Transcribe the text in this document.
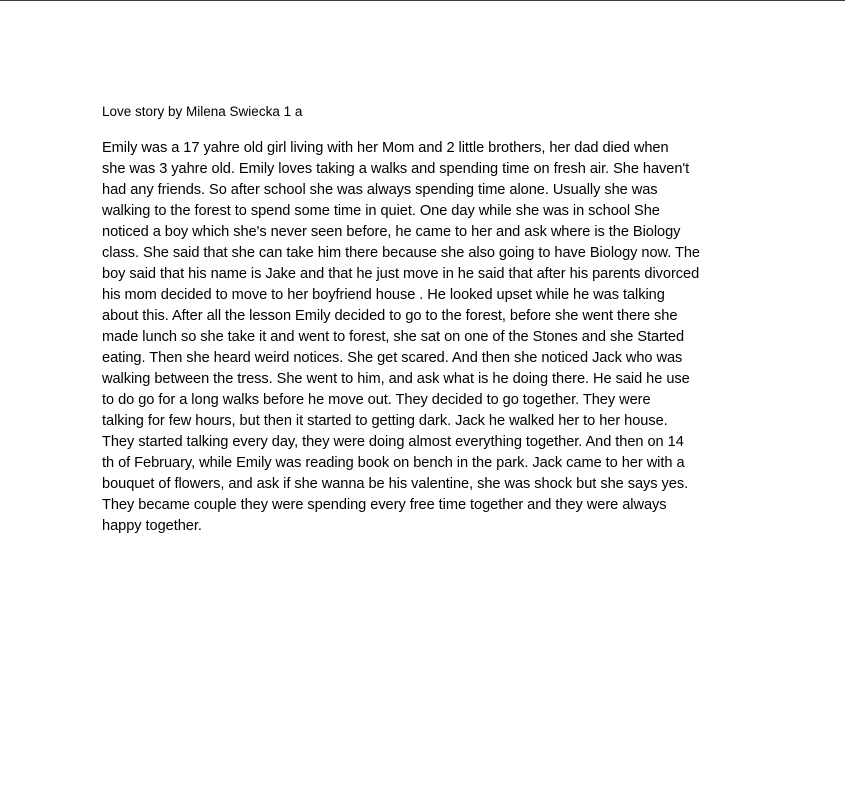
Love story by Milena Swiecka 1 a

Emily was a 17 yahre old girl living with her Mom and 2 little brothers, her dad died when
she was 3 yahre old. Emily loves taking a walks and spending time on fresh air. She haven't
had any friends. So after school she was always spending time alone. Usually she was
walking to the forest to spend some time in quiet. One day while she was in school She
noticed a boy which she's never seen before, he came to her and ask where is the Biology
class. She said that she can take him there because she also going to have Biology now. The
boy said that his name is Jake and that he just move in he said that after his parents divorced
his mom decided to move to her boyfriend house . He looked upset while he was talking
about this. After all the lesson Emily decided to go to the forest, before she went there she
made lunch so she take it and went to forest, she sat on one of the Stones and she Started
eating. Then she heard weird notices. She get scared. And then she noticed Jack who was
walking between the tress. She went to him, and ask what is he doing there. He said he use
to do go for a long walks before he move out. They decided to go together. They were
talking for few hours, but then it started to getting dark. Jack he walked her to her house.
They started talking every day, they were doing almost everything together. And then on 14
th of February, while Emily was reading book on bench in the park. Jack came to her with a
bouquet of flowers, and ask if she wanna be his valentine, she was shock but she says yes.
They became couple they were spending every free time together and they were always
happy together.
